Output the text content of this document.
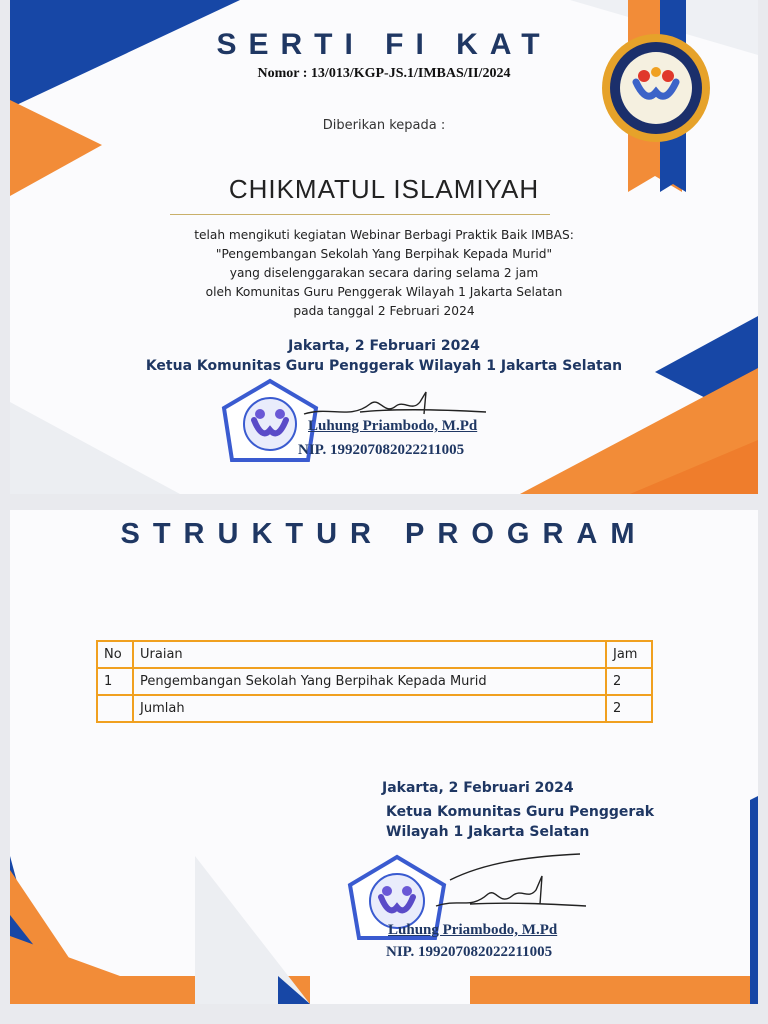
SERTI FI KAT
Nomor : 13/013/KGP-JS.1/IMBAS/II/2024
Diberikan kepada :
CHIKMATUL ISLAMIYAH
telah mengikuti kegiatan Webinar Berbagi Praktik Baik IMBAS:
"Pengembangan Sekolah Yang Berpihak Kepada Murid"
yang diselenggarakan secara daring selama 2 jam
oleh Komunitas Guru Penggerak Wilayah 1 Jakarta Selatan
pada tanggal 2 Februari 2024
Jakarta, 2 Februari 2024
Ketua Komunitas Guru Penggerak Wilayah 1 Jakarta Selatan
Luhung Priambodo, M.Pd
NIP. 199207082022211005
STRUKTUR PROGRAM
No	Uraian	Jam
1	Pengembangan Sekolah Yang Berpihak Kepada Murid	2
	Jumlah	2
Jakarta, 2 Februari 2024
Ketua Komunitas Guru Penggerak
Wilayah 1 Jakarta Selatan
Luhung Priambodo, M.Pd
NIP. 199207082022211005
